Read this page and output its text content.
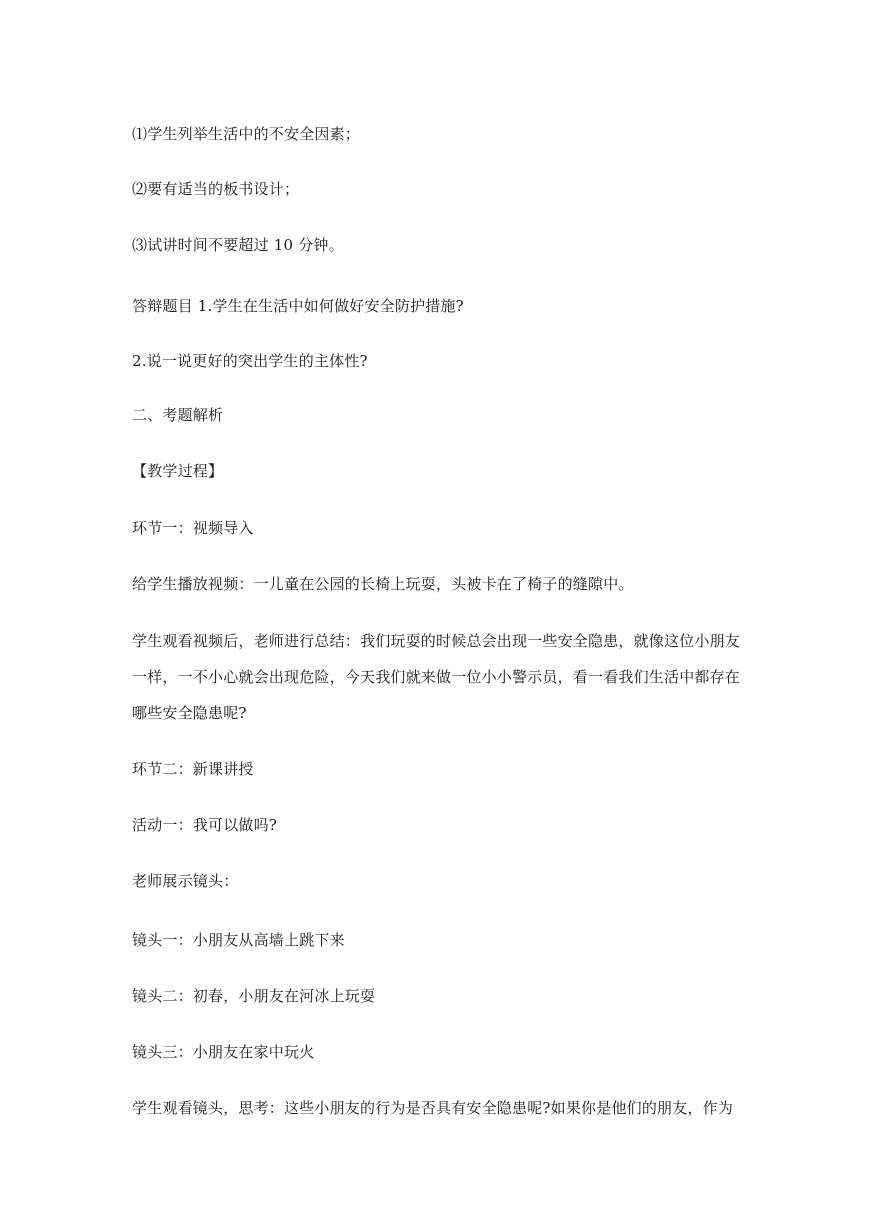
⑴学生列举生活中的不安全因素；
⑵要有适当的板书设计；
⑶试讲时间不要超过 10 分钟。
答辩题目 1.学生在生活中如何做好安全防护措施?
2.说一说更好的突出学生的主体性?
二、考题解析
【教学过程】
环节一：视频导入
给学生播放视频：一儿童在公园的长椅上玩耍，头被卡在了椅子的缝隙中。
学生观看视频后，老师进行总结：我们玩耍的时候总会出现一些安全隐患，就像这位小朋友
一样，一不小心就会出现危险，今天我们就来做一位小小警示员，看一看我们生活中都存在
哪些安全隐患呢?
环节二：新课讲授
活动一：我可以做吗?
老师展示镜头：
镜头一：小朋友从高墙上跳下来
镜头二：初春，小朋友在河冰上玩耍
镜头三：小朋友在家中玩火
学生观看镜头，思考：这些小朋友的行为是否具有安全隐患呢?如果你是他们的朋友，作为
